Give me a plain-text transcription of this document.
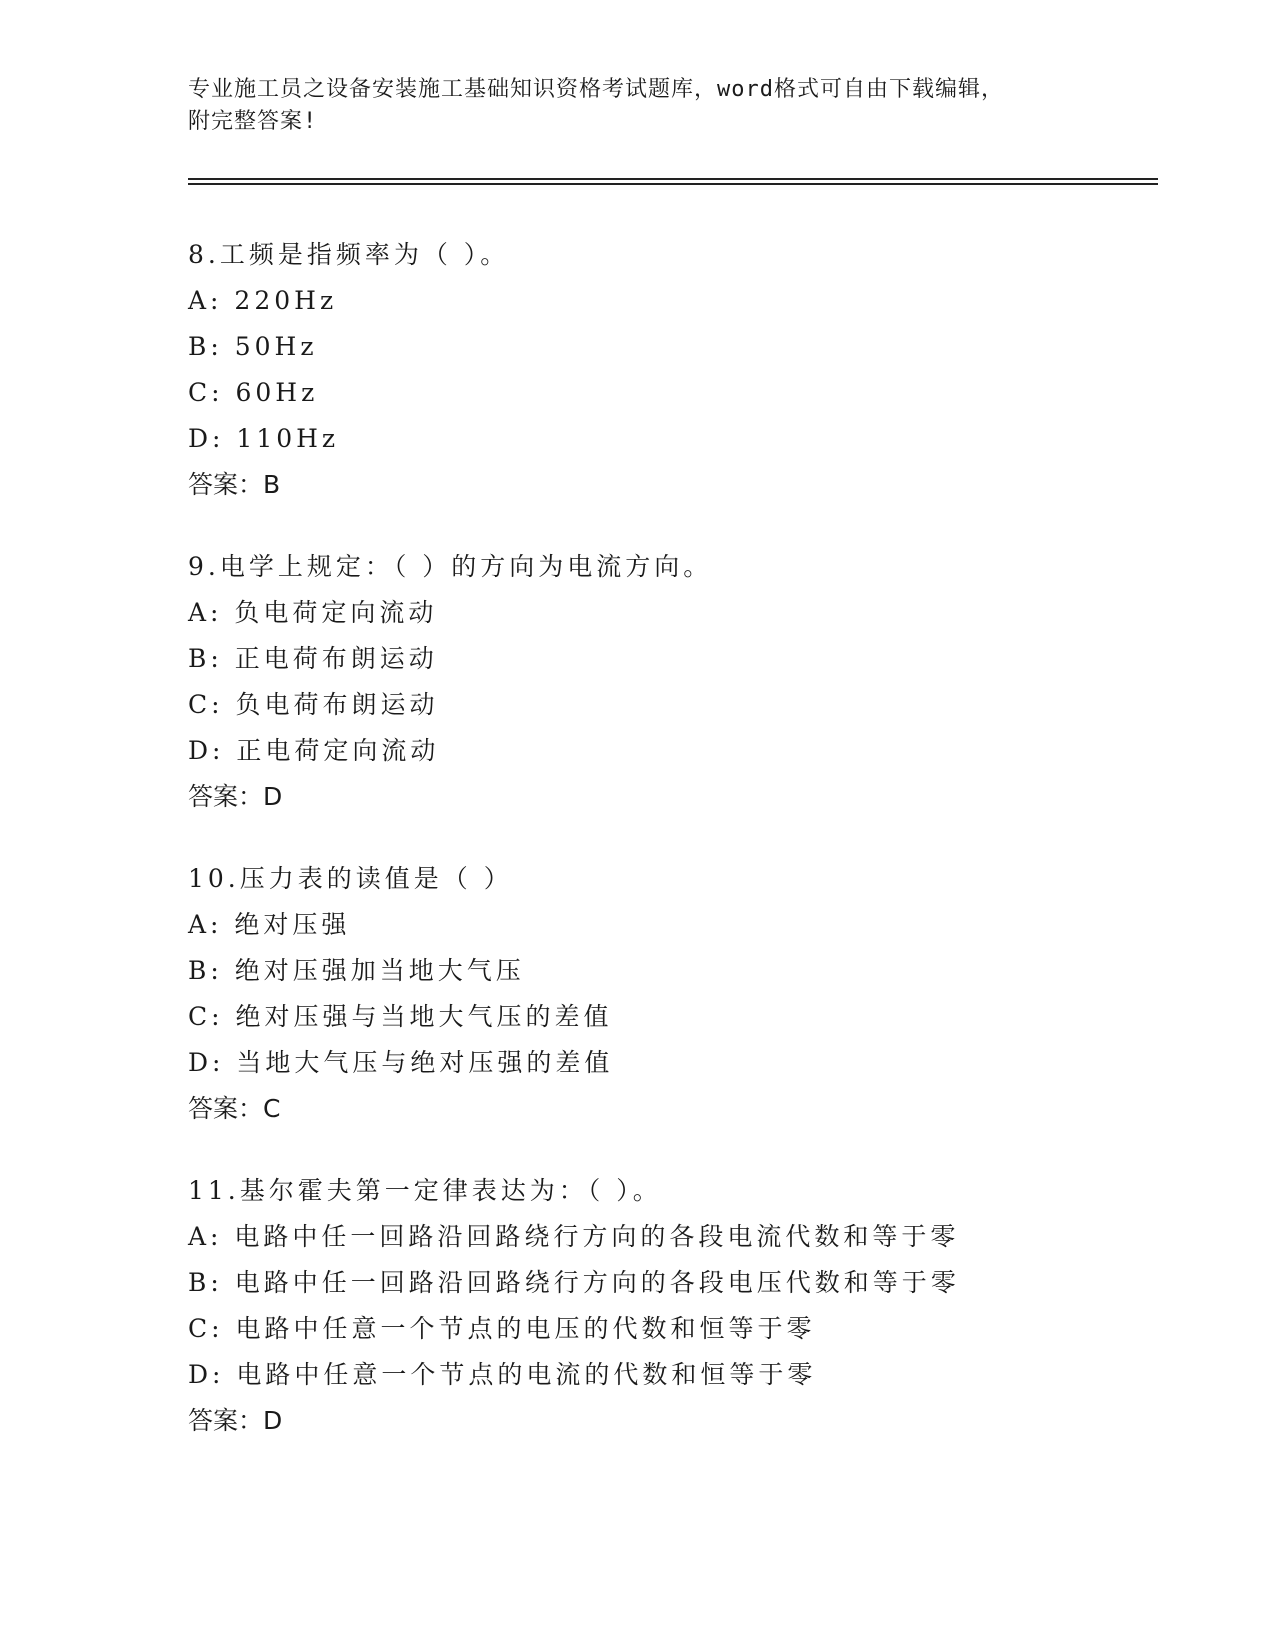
专业施工员之设备安装施工基础知识资格考试题库，word格式可自由下载编辑，
附完整答案!
8.工频是指频率为（ ）。
A: 220Hz
B: 50Hz
C: 60Hz
D: 110Hz
答案：B
9.电学上规定：（ ）的方向为电流方向。
A: 负电荷定向流动
B: 正电荷布朗运动
C: 负电荷布朗运动
D: 正电荷定向流动
答案：D
10.压力表的读值是（ ）
A: 绝对压强
B: 绝对压强加当地大气压
C: 绝对压强与当地大气压的差值
D: 当地大气压与绝对压强的差值
答案：C
11.基尔霍夫第一定律表达为：（ ）。
A: 电路中任一回路沿回路绕行方向的各段电流代数和等于零
B: 电路中任一回路沿回路绕行方向的各段电压代数和等于零
C: 电路中任意一个节点的电压的代数和恒等于零
D: 电路中任意一个节点的电流的代数和恒等于零
答案：D
